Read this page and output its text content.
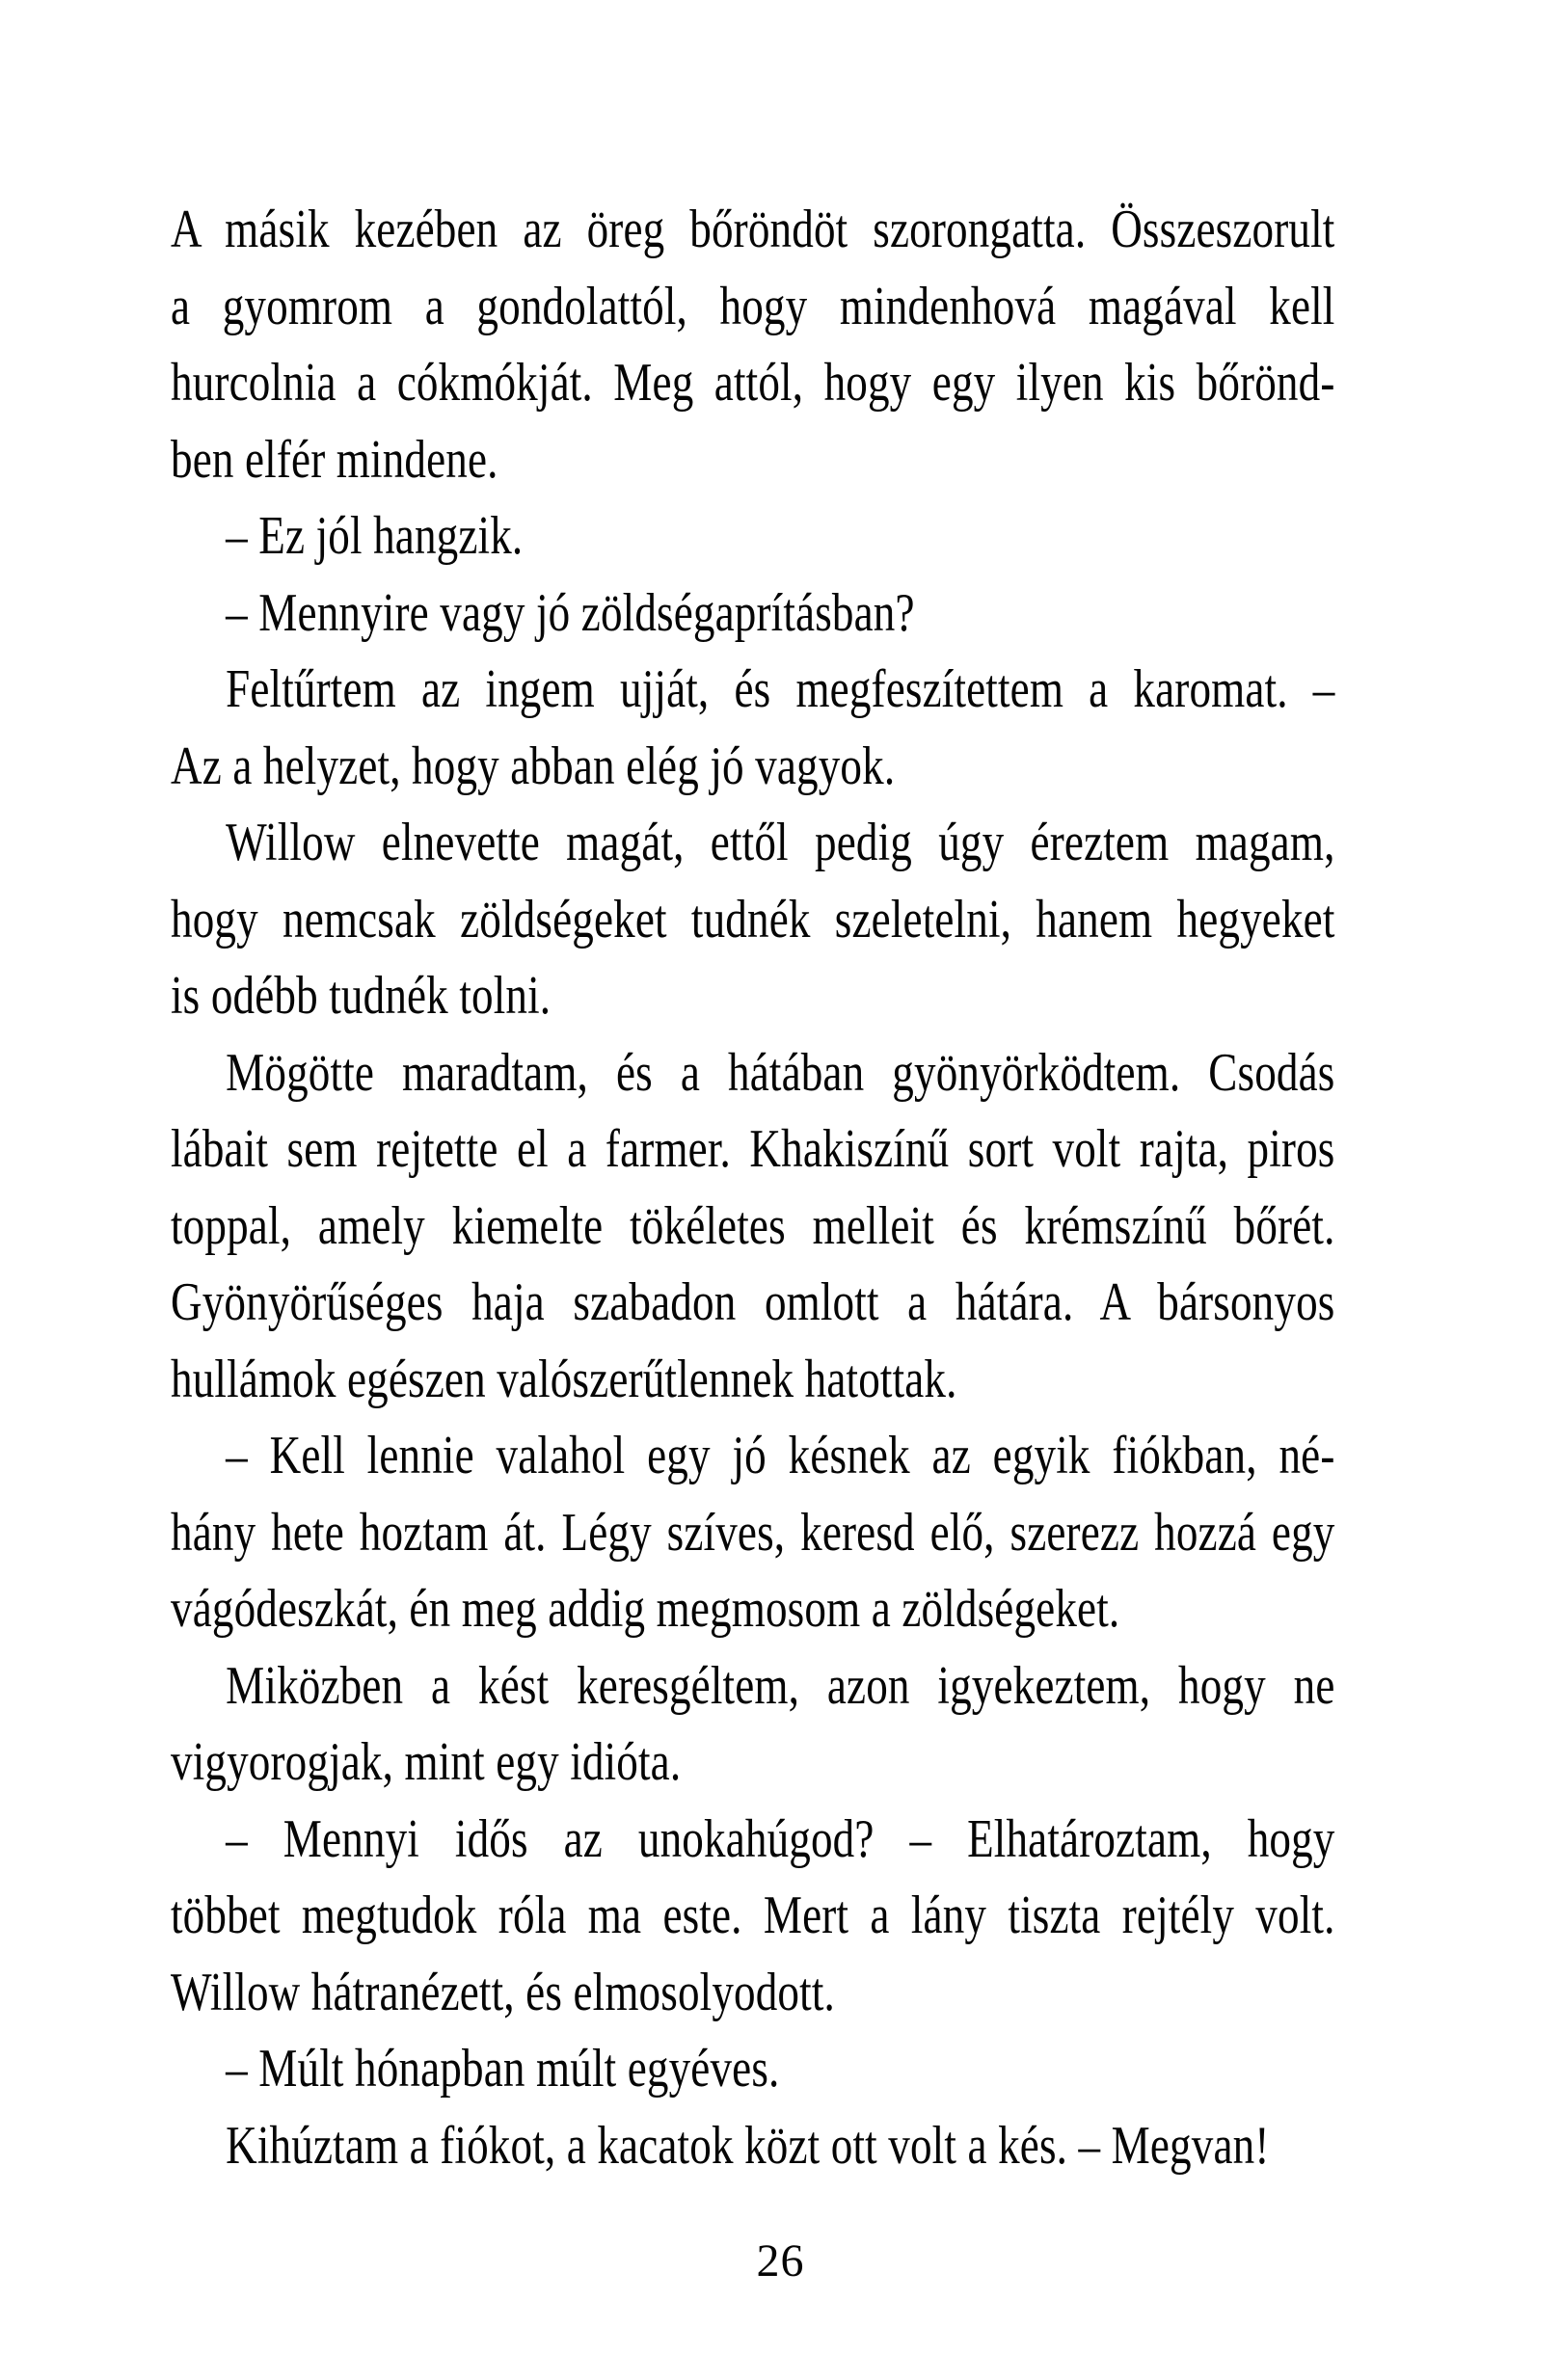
A másik kezében az öreg bőröndöt szorongatta. Összeszorult
a gyomrom a gondolattól, hogy mindenhová magával kell
hurcolnia a cókmókját. Meg attól, hogy egy ilyen kis bőrönd-
ben elfér mindene.
– Ez jól hangzik.
– Mennyire vagy jó zöldségaprításban?
Feltűrtem az ingem ujját, és megfeszítettem a karomat. –
Az a helyzet, hogy abban elég jó vagyok.
Willow elnevette magát, ettől pedig úgy éreztem magam,
hogy nemcsak zöldségeket tudnék szeletelni, hanem hegyeket
is odébb tudnék tolni.
Mögötte maradtam, és a hátában gyönyörködtem. Csodás
lábait sem rejtette el a farmer. Khakiszínű sort volt rajta, piros
toppal, amely kiemelte tökéletes melleit és krémszínű bőrét.
Gyönyörűséges haja szabadon omlott a hátára. A bársonyos
hullámok egészen valószerűtlennek hatottak.
– Kell lennie valahol egy jó késnek az egyik fiókban, né-
hány hete hoztam át. Légy szíves, keresd elő, szerezz hozzá egy
vágódeszkát, én meg addig megmosom a zöldségeket.
Miközben a kést keresgéltem, azon igyekeztem, hogy ne
vigyorogjak, mint egy idióta.
– Mennyi idős az unokahúgod? – Elhatároztam, hogy
többet megtudok róla ma este. Mert a lány tiszta rejtély volt.
Willow hátranézett, és elmosolyodott.
– Múlt hónapban múlt egyéves.
Kihúztam a fiókot, a kacatok közt ott volt a kés. – Megvan!
26
